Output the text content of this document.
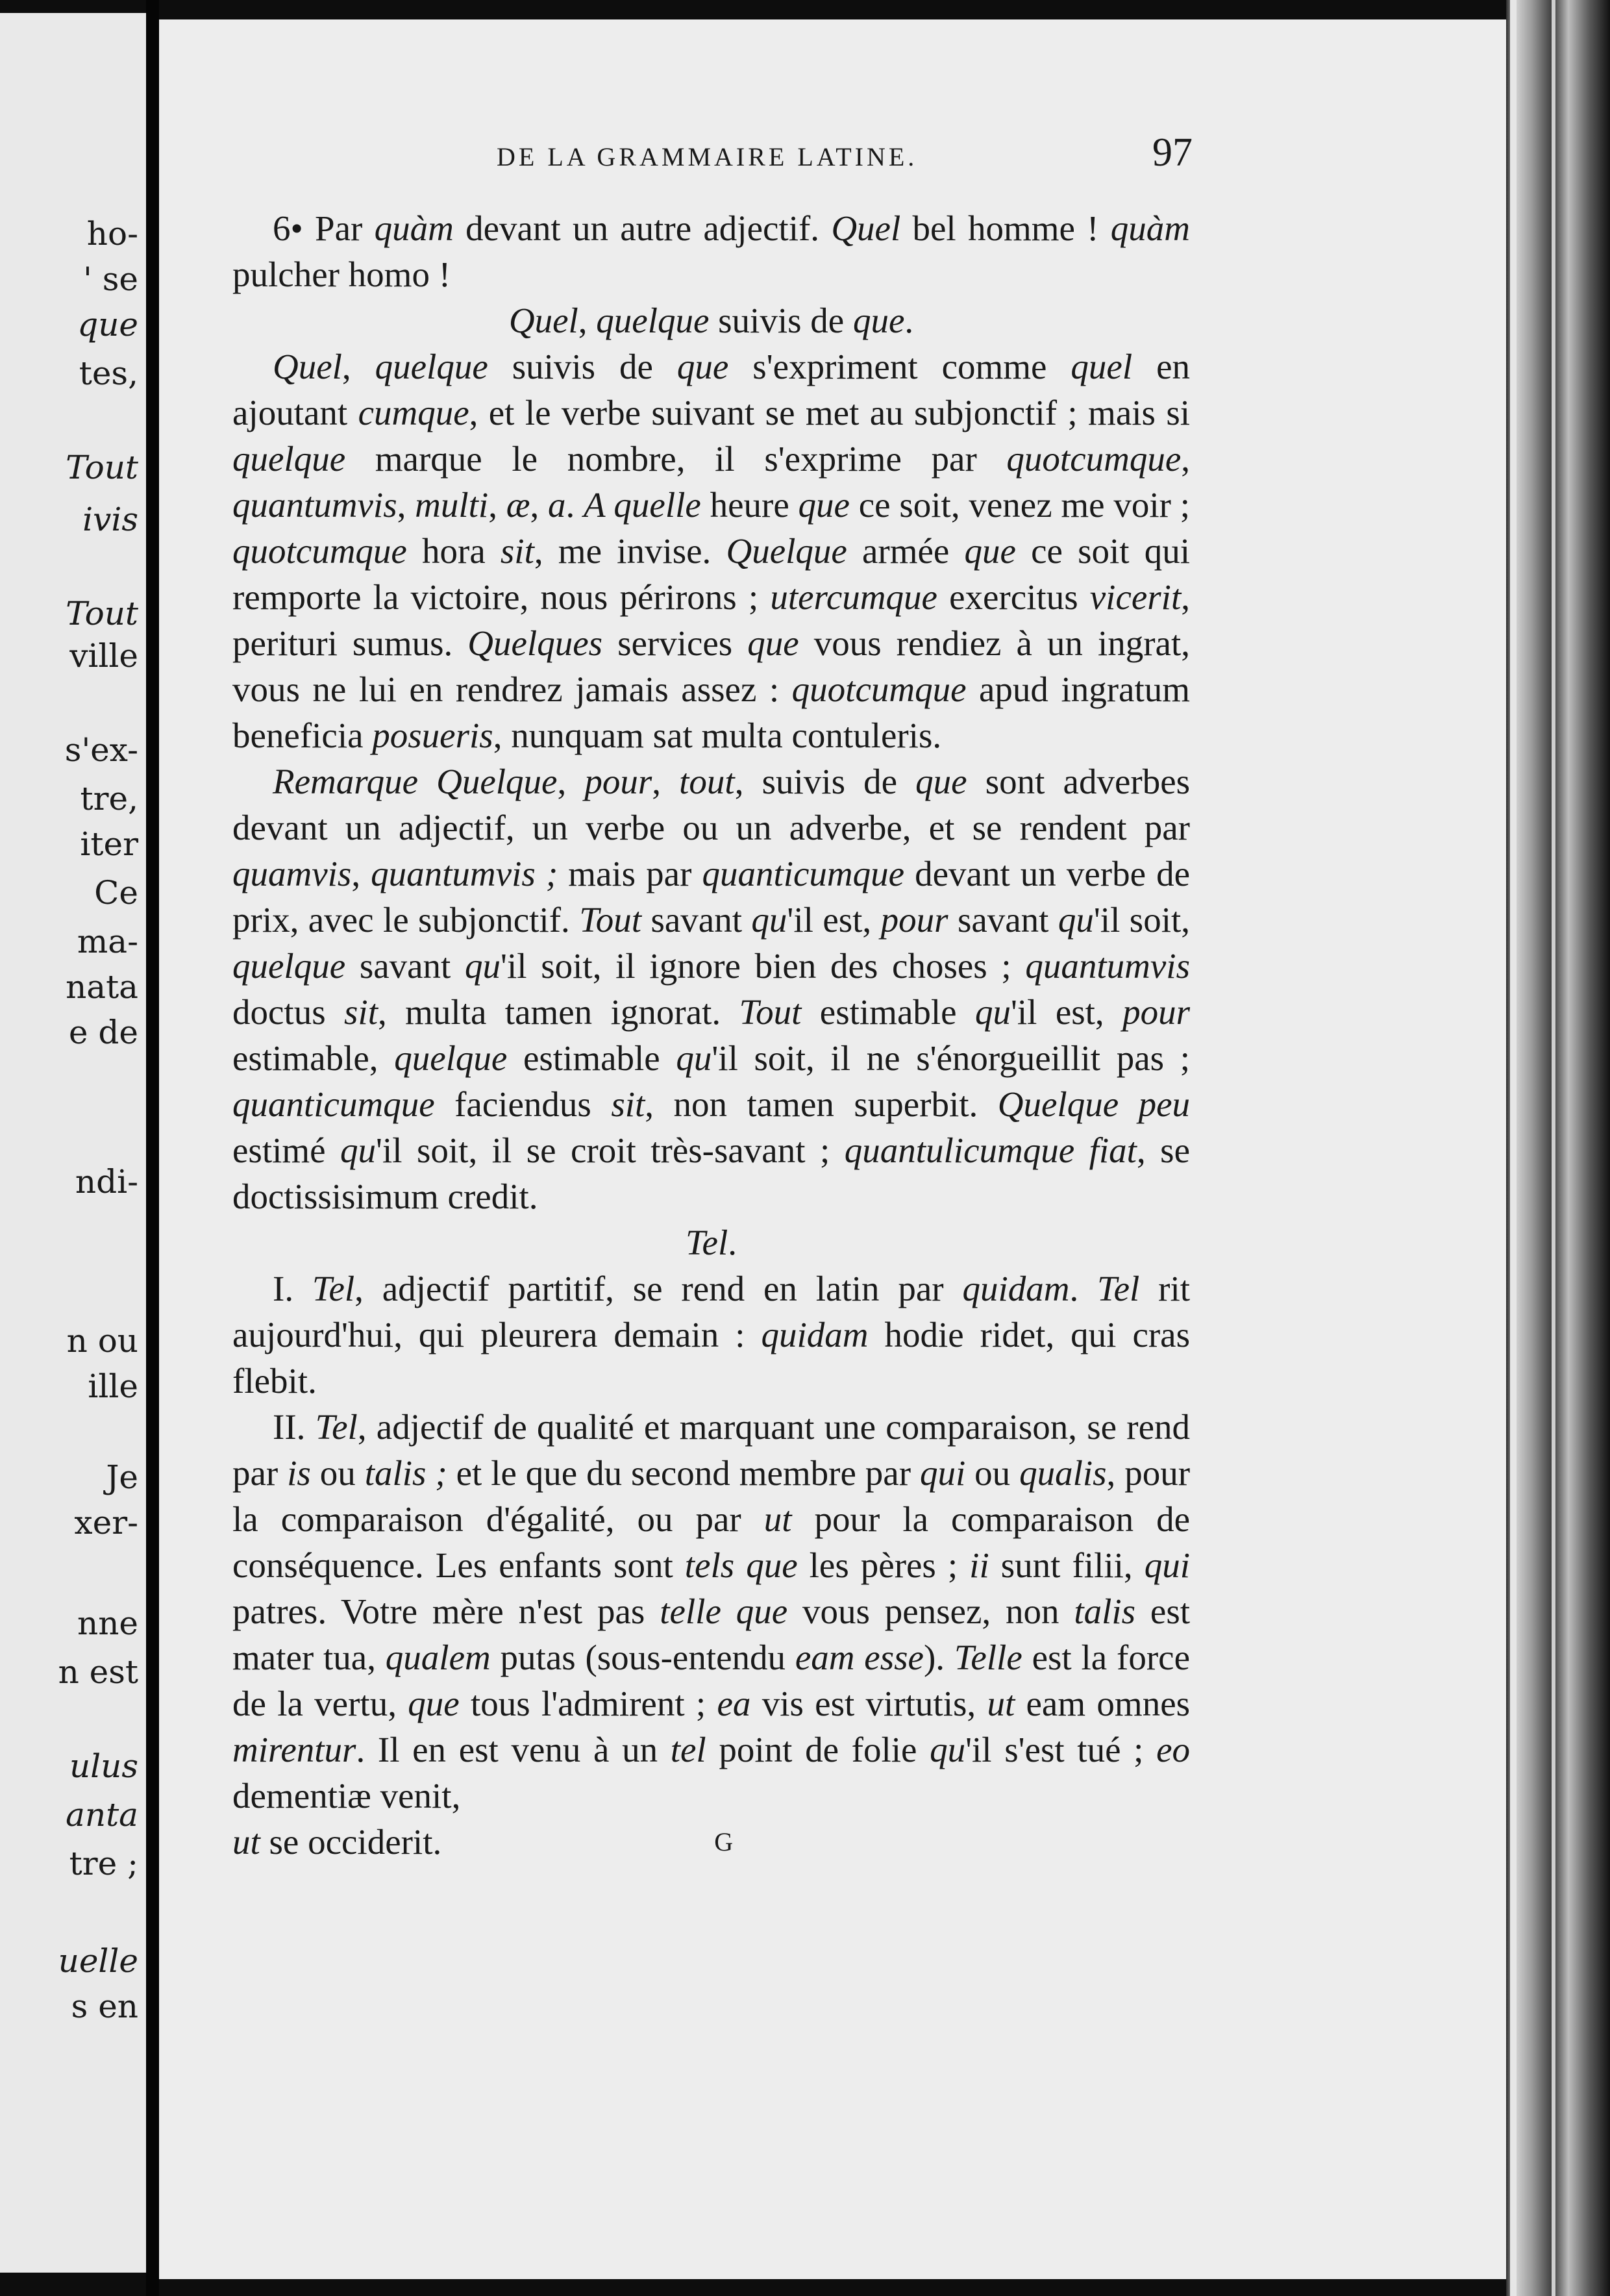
ho-
' se
que
tes,
Tout
ivis
Tout
ville
s'ex-
tre,
iter
Ce
ma-
nata
e de
ndi-
n ou
ille
Je
xer-
nne
n est
ulus
anta
tre ;
uelle
s en
DE LA GRAMMAIRE LATINE.	97

6• Par quàm devant un autre adjectif. Quel bel homme ! quàm pulcher homo !

Quel, quelque suivis de que.

Quel, quelque suivis de que s'expriment comme quel en ajoutant cumque, et le verbe suivant se met au subjonctif ; mais si quelque marque le nombre, il s'exprime par quotcumque, quantumvis, multi, æ, a. A quelle heure que ce soit, venez me voir ; quotcumque hora sit, me invise. Quelque armée que ce soit qui remporte la victoire, nous périrons ; utercumque exercitus vicerit, perituri sumus. Quelques services que vous rendiez à un ingrat, vous ne lui en rendrez jamais assez : quotcumque apud ingratum beneficia posueris, nunquam sat multa contuleris.

Remarque Quelque, pour, tout, suivis de que sont adverbes devant un adjectif, un verbe ou un adverbe, et se rendent par quamvis, quantumvis ; mais par quanticumque devant un verbe de prix, avec le subjonctif. Tout savant qu'il est, pour savant qu'il soit, quelque savant qu'il soit, il ignore bien des choses ; quantumvis doctus sit, multa tamen ignorat. Tout estimable qu'il est, pour estimable, quelque estimable qu'il soit, il ne s'énorgueillit pas ; quanticumque faciendus sit, non tamen superbit. Quelque peu estimé qu'il soit, il se croit très-savant ; quantulicumque fiat, se doctissisimum credit.

Tel.

I. Tel, adjectif partitif, se rend en latin par quidam. Tel rit aujourd'hui, qui pleurera demain : quidam hodie ridet, qui cras flebit.

II. Tel, adjectif de qualité et marquant une comparaison, se rend par is ou talis ; et le que du second membre par qui ou qualis, pour la comparaison d'égalité, ou par ut pour la comparaison de conséquence. Les enfants sont tels que les pères ; ii sunt filii, qui patres. Votre mère n'est pas telle que vous pensez, non talis est mater tua, qualem putas (sous-entendu eam esse). Telle est la force de la vertu, que tous l'admirent ; ea vis est virtutis, ut eam omnes mirentur. Il en est venu à un tel point de folie qu'il s'est tué ; eo dementiæ venit,

ut se occiderit.	G
